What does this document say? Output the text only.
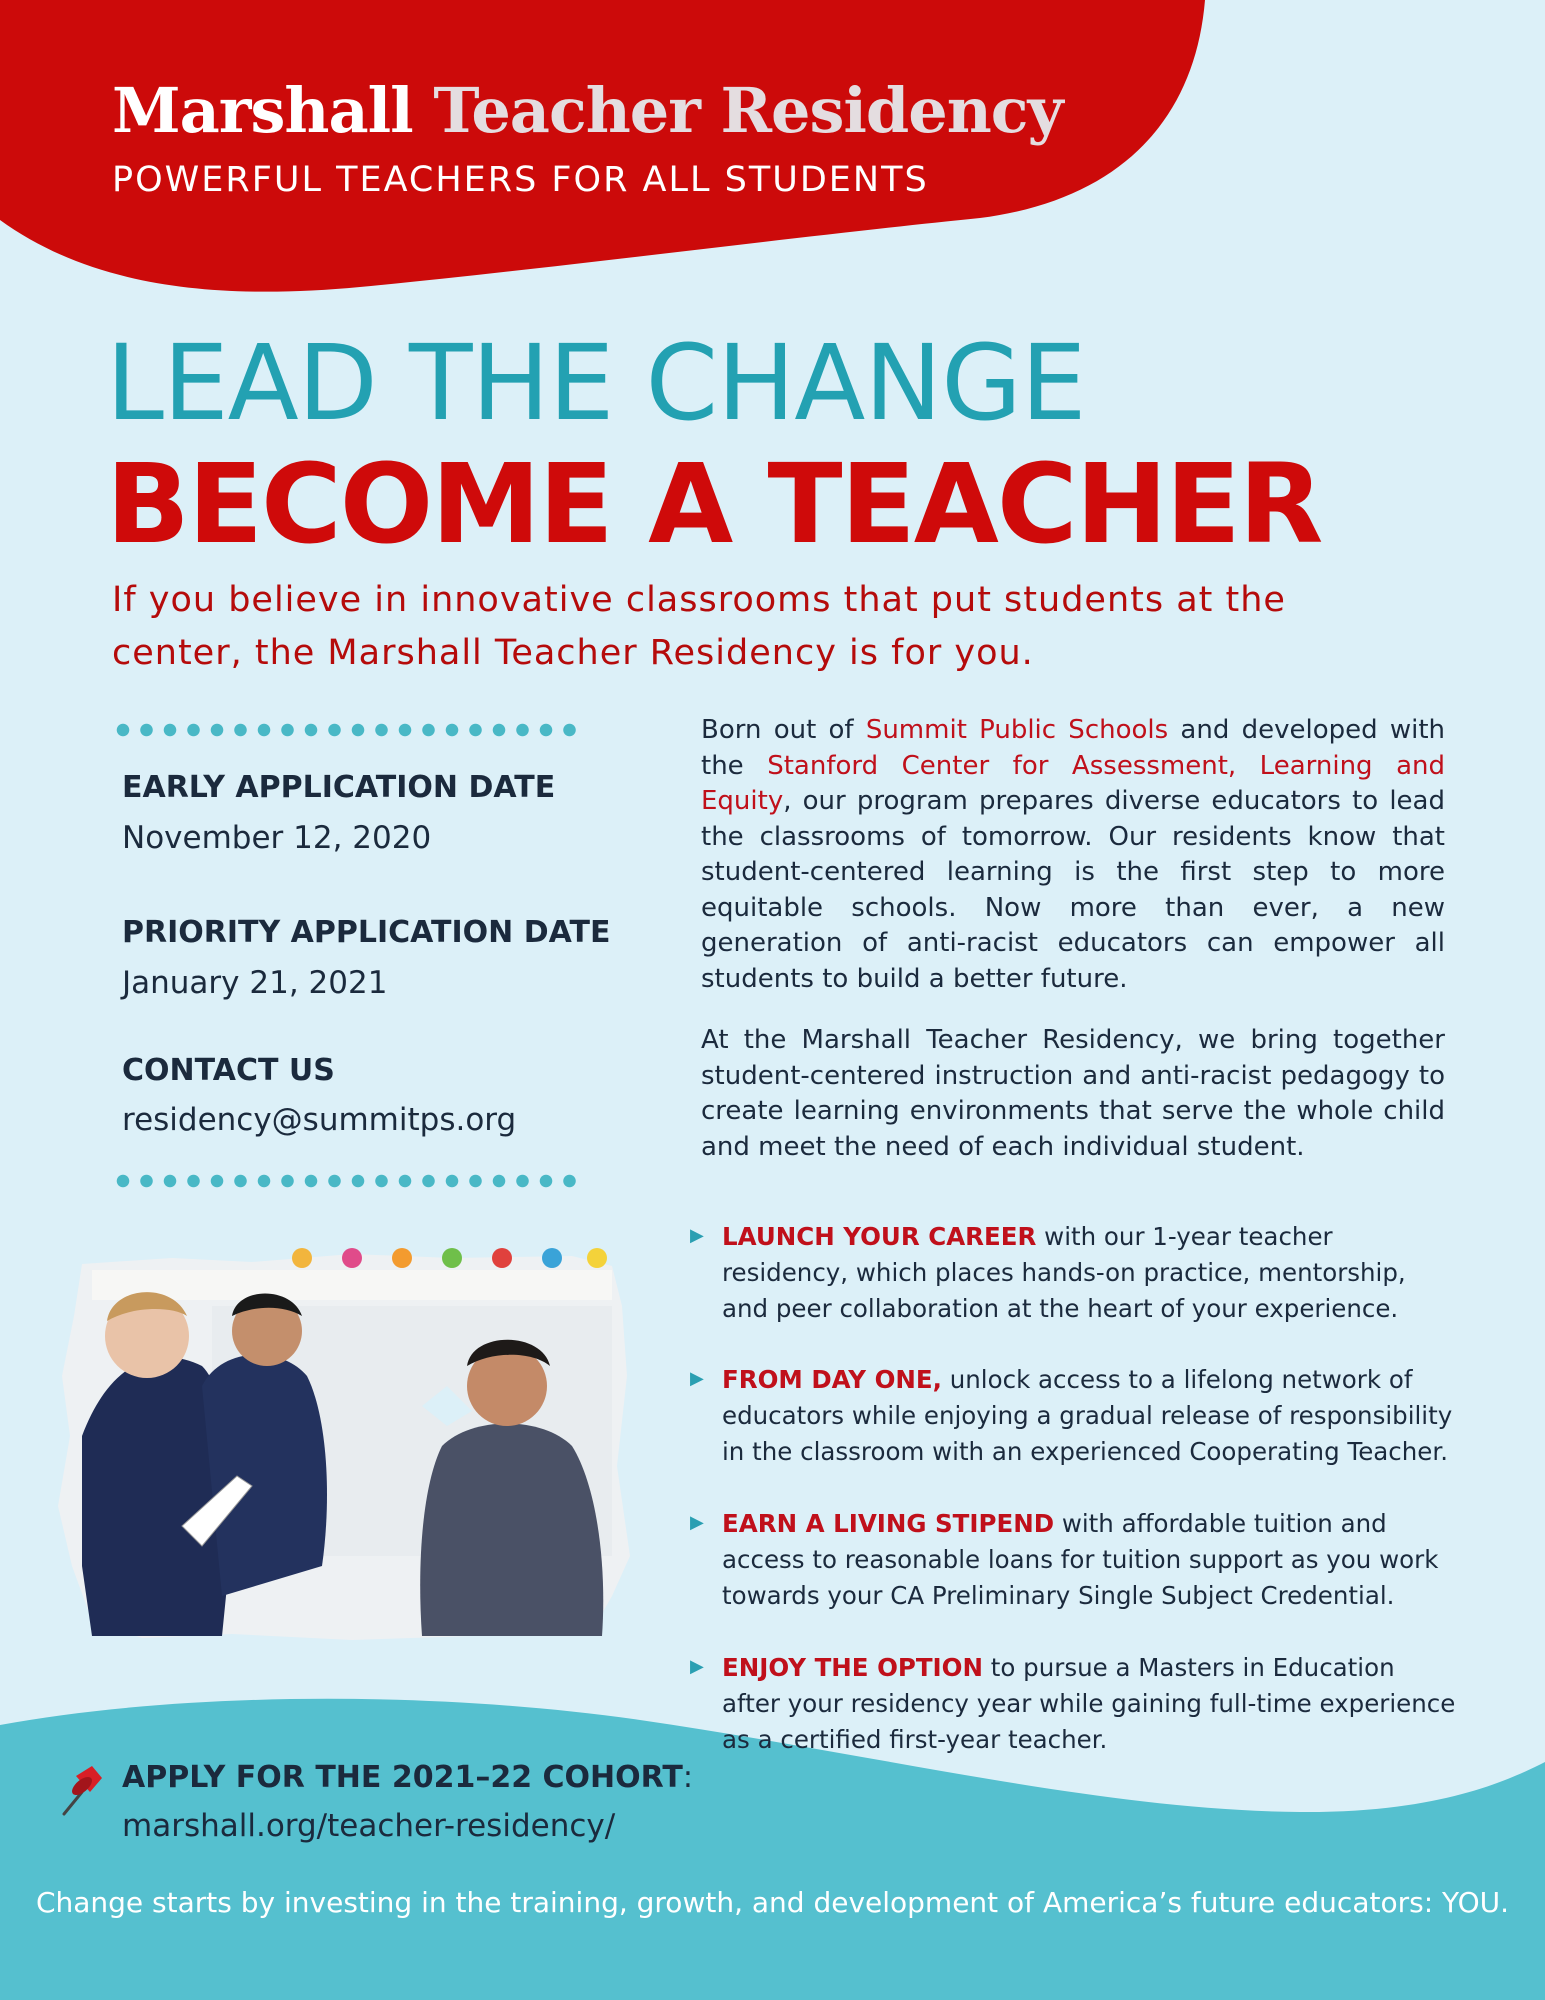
Marshall Teacher Residency
POWERFUL TEACHERS FOR ALL STUDENTS
LEAD THE CHANGE
BECOME A TEACHER
If you believe in innovative classrooms that put students at the center, the Marshall Teacher Residency is for you.
EARLY APPLICATION DATE
November 12, 2020
PRIORITY APPLICATION DATE
January 21, 2021
CONTACT US
residency@summitps.org
Born out of Summit Public Schools and developed with the Stanford Center for Assessment, Learning and Equity, our program prepares diverse educators to lead the classrooms of tomorrow. Our residents know that student-centered learning is the first step to more equitable schools. Now more than ever, a new generation of anti-racist educators can empower all students to build a better future.
At the Marshall Teacher Residency, we bring together student-centered instruction and anti-racist pedagogy to create learning environments that serve the whole child and meet the need of each individual student.
▶ LAUNCH YOUR CAREER with our 1-year teacher residency, which places hands-on practice, mentorship, and peer collaboration at the heart of your experience.
▶ FROM DAY ONE, unlock access to a lifelong network of educators while enjoying a gradual release of responsibility in the classroom with an experienced Cooperating Teacher.
▶ EARN A LIVING STIPEND with affordable tuition and access to reasonable loans for tuition support as you work towards your CA Preliminary Single Subject Credential.
▶ ENJOY THE OPTION to pursue a Masters in Education after your residency year while gaining full-time experience as a certified first-year teacher.
APPLY FOR THE 2021–22 COHORT:
marshall.org/teacher-residency/
Change starts by investing in the training, growth, and development of America’s future educators: YOU.
